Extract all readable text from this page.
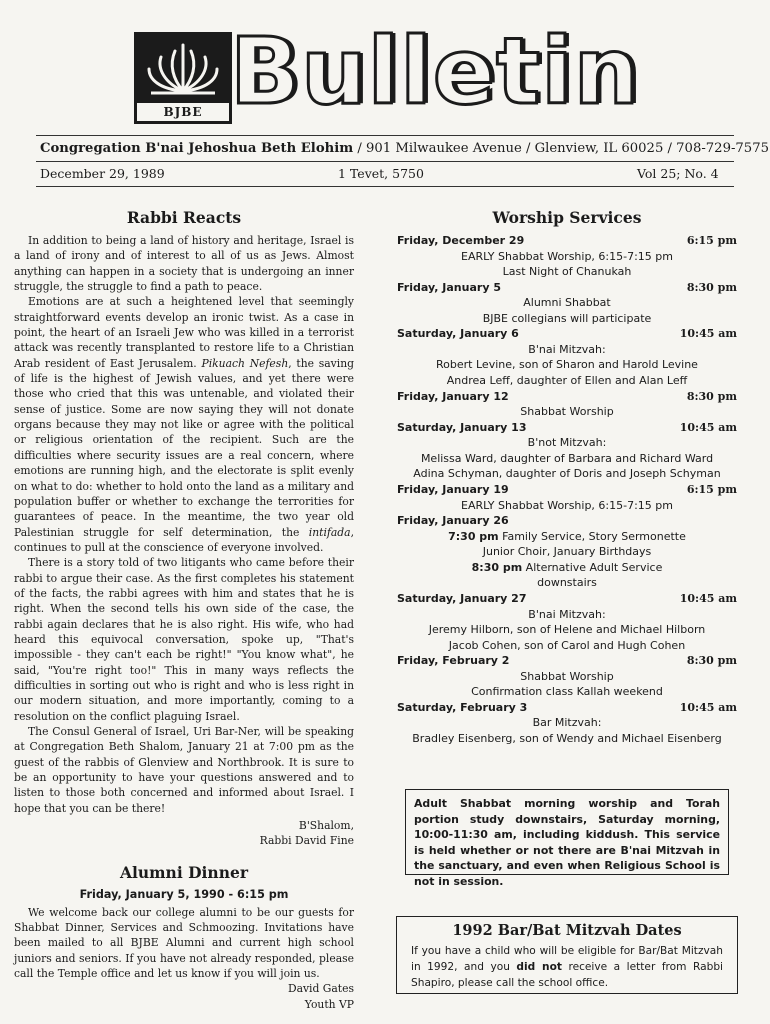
BJBE Bulletin
Congregation B'nai Jehoshua Beth Elohim / 901 Milwaukee Avenue / Glenview, IL 60025 / 708-729-7575
December 29, 1989	1 Tevet, 5750	Vol 25; No. 4
Rabbi Reacts

In addition to being a land of history and heritage, Israel is a land of irony and of interest to all of us as Jews. Almost anything can happen in a society that is undergoing an inner struggle, the struggle to find a path to peace.

Emotions are at such a heightened level that seemingly straightforward events develop an ironic twist. As a case in point, the heart of an Israeli Jew who was killed in a terrorist attack was recently transplanted to restore life to a Christian Arab resident of East Jerusalem. Pikuach Nefesh, the saving of life is the highest of Jewish values, and yet there were those who cried that this was untenable, and violated their sense of justice. Some are now saying they will not donate organs because they may not like or agree with the political or religious orientation of the recipient. Such are the difficulties where security issues are a real concern, where emotions are running high, and the electorate is split evenly on what to do: whether to hold onto the land as a military and population buffer or whether to exchange the terrorities for guarantees of peace. In the meantime, the two year old Palestinian struggle for self determination, the intifada, continues to pull at the conscience of everyone involved.

There is a story told of two litigants who came before their rabbi to argue their case. As the first completes his statement of the facts, the rabbi agrees with him and states that he is right. When the second tells his own side of the case, the rabbi again declares that he is also right. His wife, who had heard this equivocal conversation, spoke up, "That's impossible - they can't each be right!" "You know what", he said, "You're right too!" This in many ways reflects the difficulties in sorting out who is right and who is less right in our modern situation, and more importantly, coming to a resolution on the conflict plaguing Israel.

The Consul General of Israel, Uri Bar-Ner, will be speaking at Congregation Beth Shalom, January 21 at 7:00 pm as the guest of the rabbis of Glenview and Northbrook. It is sure to be an opportunity to have your questions answered and to listen to those both concerned and informed about Israel. I hope that you can be there!

B'Shalom,
Rabbi David Fine
Alumni Dinner
Friday, January 5, 1990 - 6:15 pm

We welcome back our college alumni to be our guests for Shabbat Dinner, Services and Schmoozing. Invitations have been mailed to all BJBE Alumni and current high school juniors and seniors. If you have not already responded, please call the Temple office and let us know if you will join us.

David Gates
Youth VP
Worship Services
Friday, December 29	6:15 pm
EARLY Shabbat Worship, 6:15-7:15 pm
Last Night of Chanukah
Friday, January 5	8:30 pm
Alumni Shabbat
BJBE collegians will participate
Saturday, January 6	10:45 am
B'nai Mitzvah:
Robert Levine, son of Sharon and Harold Levine
Andrea Leff, daughter of Ellen and Alan Leff
Friday, January 12	8:30 pm
Shabbat Worship
Saturday, January 13	10:45 am
B'not Mitzvah:
Melissa Ward, daughter of Barbara and Richard Ward
Adina Schyman, daughter of Doris and Joseph Schyman
Friday, January 19	6:15 pm
EARLY Shabbat Worship, 6:15-7:15 pm
Friday, January 26
7:30 pm Family Service, Story Sermonette
Junior Choir, January Birthdays
8:30 pm Alternative Adult Service
downstairs
Saturday, January 27	10:45 am
B'nai Mitzvah:
Jeremy Hilborn, son of Helene and Michael Hilborn
Jacob Cohen, son of Carol and Hugh Cohen
Friday, February 2	8:30 pm
Shabbat Worship
Confirmation class Kallah weekend
Saturday, February 3	10:45 am
Bar Mitzvah:
Bradley Eisenberg, son of Wendy and Michael Eisenberg
Adult Shabbat morning worship and Torah portion study downstairs, Saturday morning, 10:00-11:30 am, including kiddush. This service is held whether or not there are B'nai Mitzvah in the sanctuary, and even when Religious School is not in session.
1992 Bar/Bat Mitzvah Dates
If you have a child who will be eligible for Bar/Bat Mitzvah in 1992, and you did not receive a letter from Rabbi Shapiro, please call the school office.
